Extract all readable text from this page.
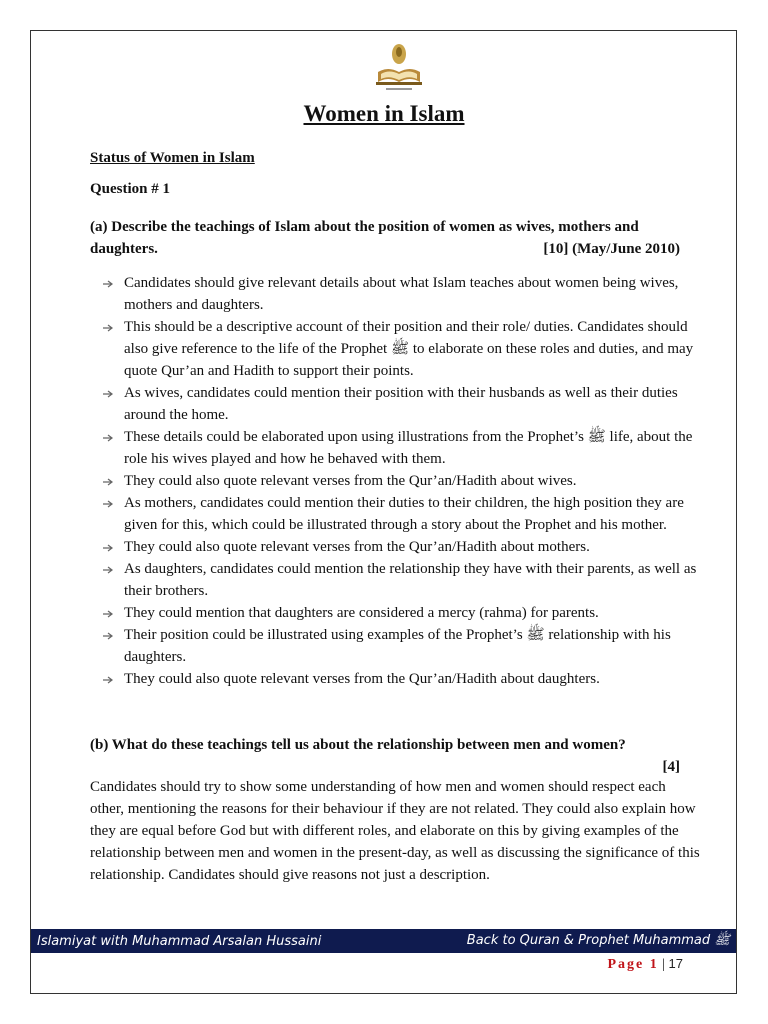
Women in Islam
Status of Women in Islam
Question # 1
(a) Describe the teachings of Islam about the position of women as wives, mothers and
daughters.	[10] (May/June 2010)
Candidates should give relevant details about what Islam teaches about women being wives, mothers and daughters.
This should be a descriptive account of their position and their role/ duties. Candidates should also give reference to the life of the Prophet ﷺ to elaborate on these roles and duties, and may quote Qur’an and Hadith to support their points.
As wives, candidates could mention their position with their husbands as well as their duties around the home.
These details could be elaborated upon using illustrations from the Prophet’s ﷺ life, about the role his wives played and how he behaved with them.
They could also quote relevant verses from the Qur’an/Hadith about wives.
As mothers, candidates could mention their duties to their children, the high position they are given for this, which could be illustrated through a story about the Prophet and his mother.
They could also quote relevant verses from the Qur’an/Hadith about mothers.
As daughters, candidates could mention the relationship they have with their parents, as well as their brothers.
They could mention that daughters are considered a mercy (rahma) for parents.
Their position could be illustrated using examples of the Prophet’s ﷺ relationship with his daughters.
They could also quote relevant verses from the Qur’an/Hadith about daughters.
(b) What do these teachings tell us about the relationship between men and women?
[4]
Candidates should try to show some understanding of how men and women should respect each other, mentioning the reasons for their behaviour if they are not related. They could also explain how they are equal before God but with different roles, and elaborate on this by giving examples of the relationship between men and women in the present-day, as well as discussing the significance of this relationship. Candidates should give reasons not just a description.
Islamiyat with Muhammad Arsalan Hussaini	Back to Quran & Prophet Muhammad ﷺ
Page 1 | 17
